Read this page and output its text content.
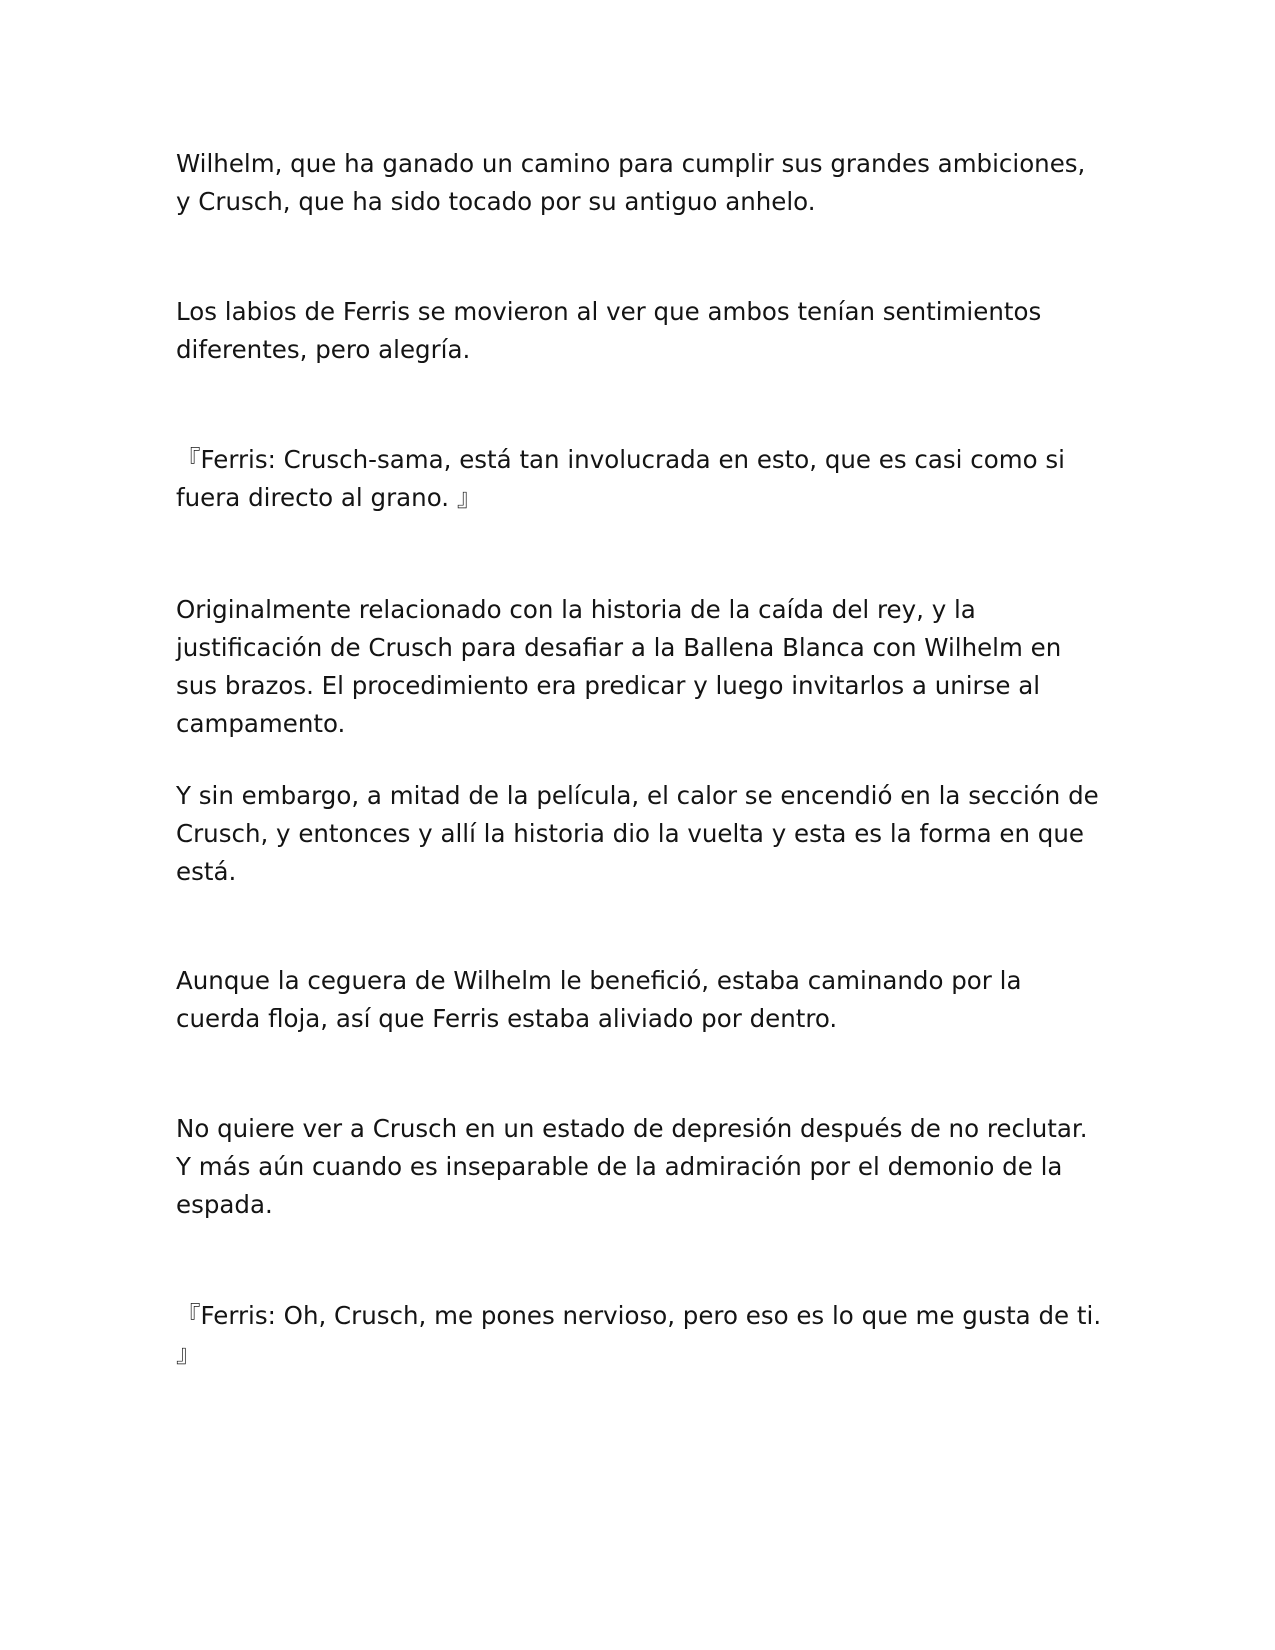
Wilhelm, que ha ganado un camino para cumplir sus grandes ambiciones, y Crusch, que ha sido tocado por su antiguo anhelo.

Los labios de Ferris se movieron al ver que ambos tenían sentimientos diferentes, pero alegría.

『Ferris: Crusch-sama, está tan involucrada en esto, que es casi como si fuera directo al grano. 』

Originalmente relacionado con la historia de la caída del rey, y la justificación de Crusch para desafiar a la Ballena Blanca con Wilhelm en sus brazos. El procedimiento era predicar y luego invitarlos a unirse al campamento.

Y sin embargo, a mitad de la película, el calor se encendió en la sección de Crusch, y entonces y allí la historia dio la vuelta y esta es la forma en que está.

Aunque la ceguera de Wilhelm le benefició, estaba caminando por la cuerda floja, así que Ferris estaba aliviado por dentro.

No quiere ver a Crusch en un estado de depresión después de no reclutar. Y más aún cuando es inseparable de la admiración por el demonio de la espada.

『Ferris: Oh, Crusch, me pones nervioso, pero eso es lo que me gusta de ti. 』
